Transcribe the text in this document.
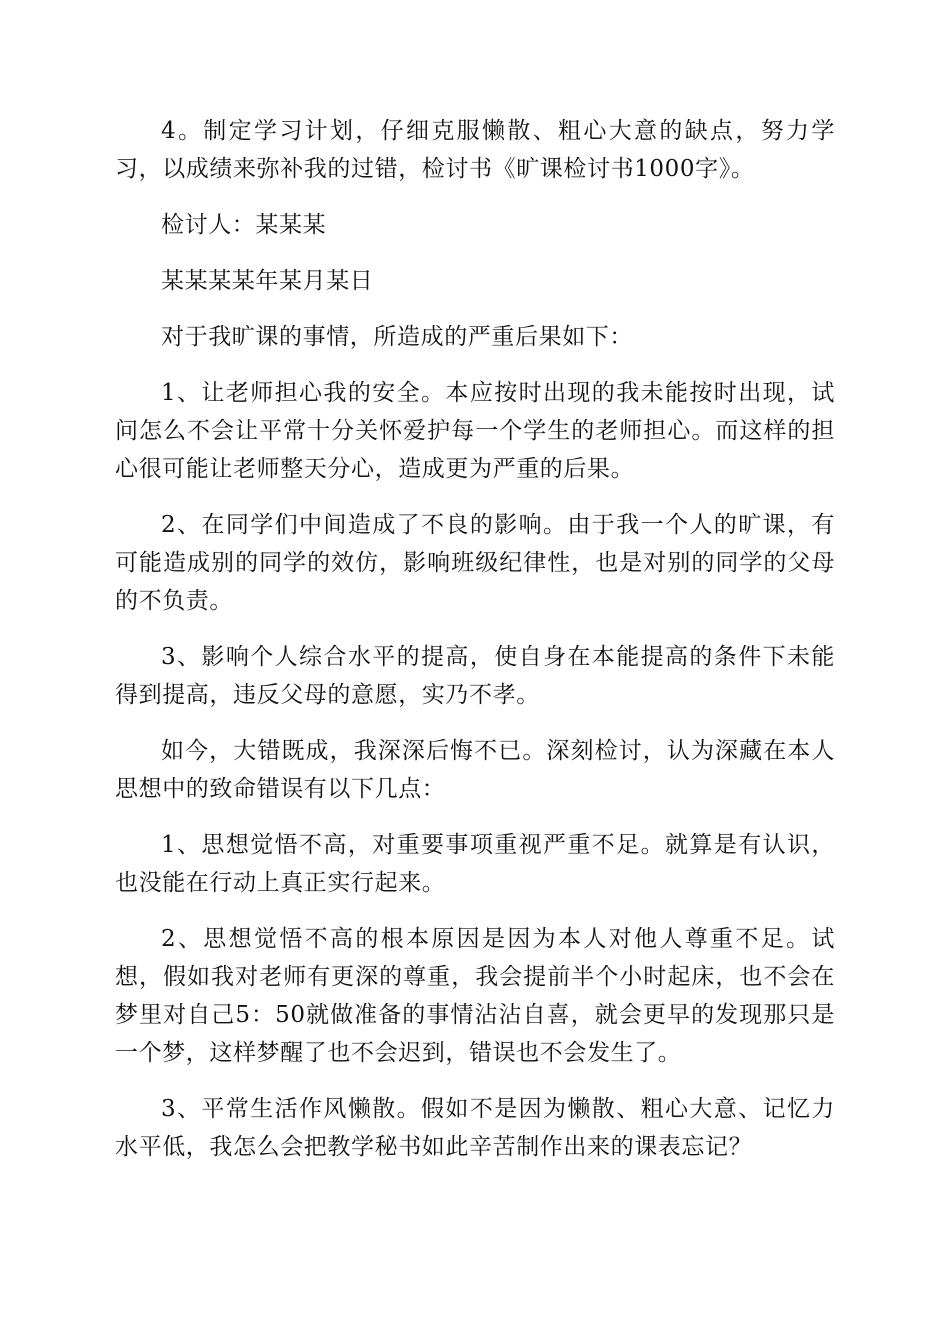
4。制定学习计划，仔细克服懒散、粗心大意的缺点，努力学习，以成绩来弥补我的过错，检讨书《旷课检讨书1000字》。

检讨人：某某某

某某某某年某月某日

对于我旷课的事情，所造成的严重后果如下：

1、让老师担心我的安全。本应按时出现的我未能按时出现，试问怎么不会让平常十分关怀爱护每一个学生的老师担心。而这样的担心很可能让老师整天分心，造成更为严重的后果。

2、在同学们中间造成了不良的影响。由于我一个人的旷课，有可能造成别的同学的效仿，影响班级纪律性，也是对别的同学的父母的不负责。

3、影响个人综合水平的提高，使自身在本能提高的条件下未能得到提高，违反父母的意愿，实乃不孝。

如今，大错既成，我深深后悔不已。深刻检讨，认为深藏在本人思想中的致命错误有以下几点：

1、思想觉悟不高，对重要事项重视严重不足。就算是有认识，也没能在行动上真正实行起来。

2、思想觉悟不高的根本原因是因为本人对他人尊重不足。试想，假如我对老师有更深的尊重，我会提前半个小时起床，也不会在梦里对自己5：50就做准备的事情沾沾自喜，就会更早的发现那只是一个梦，这样梦醒了也不会迟到，错误也不会发生了。

3、平常生活作风懒散。假如不是因为懒散、粗心大意、记忆力水平低，我怎么会把教学秘书如此辛苦制作出来的课表忘记？
